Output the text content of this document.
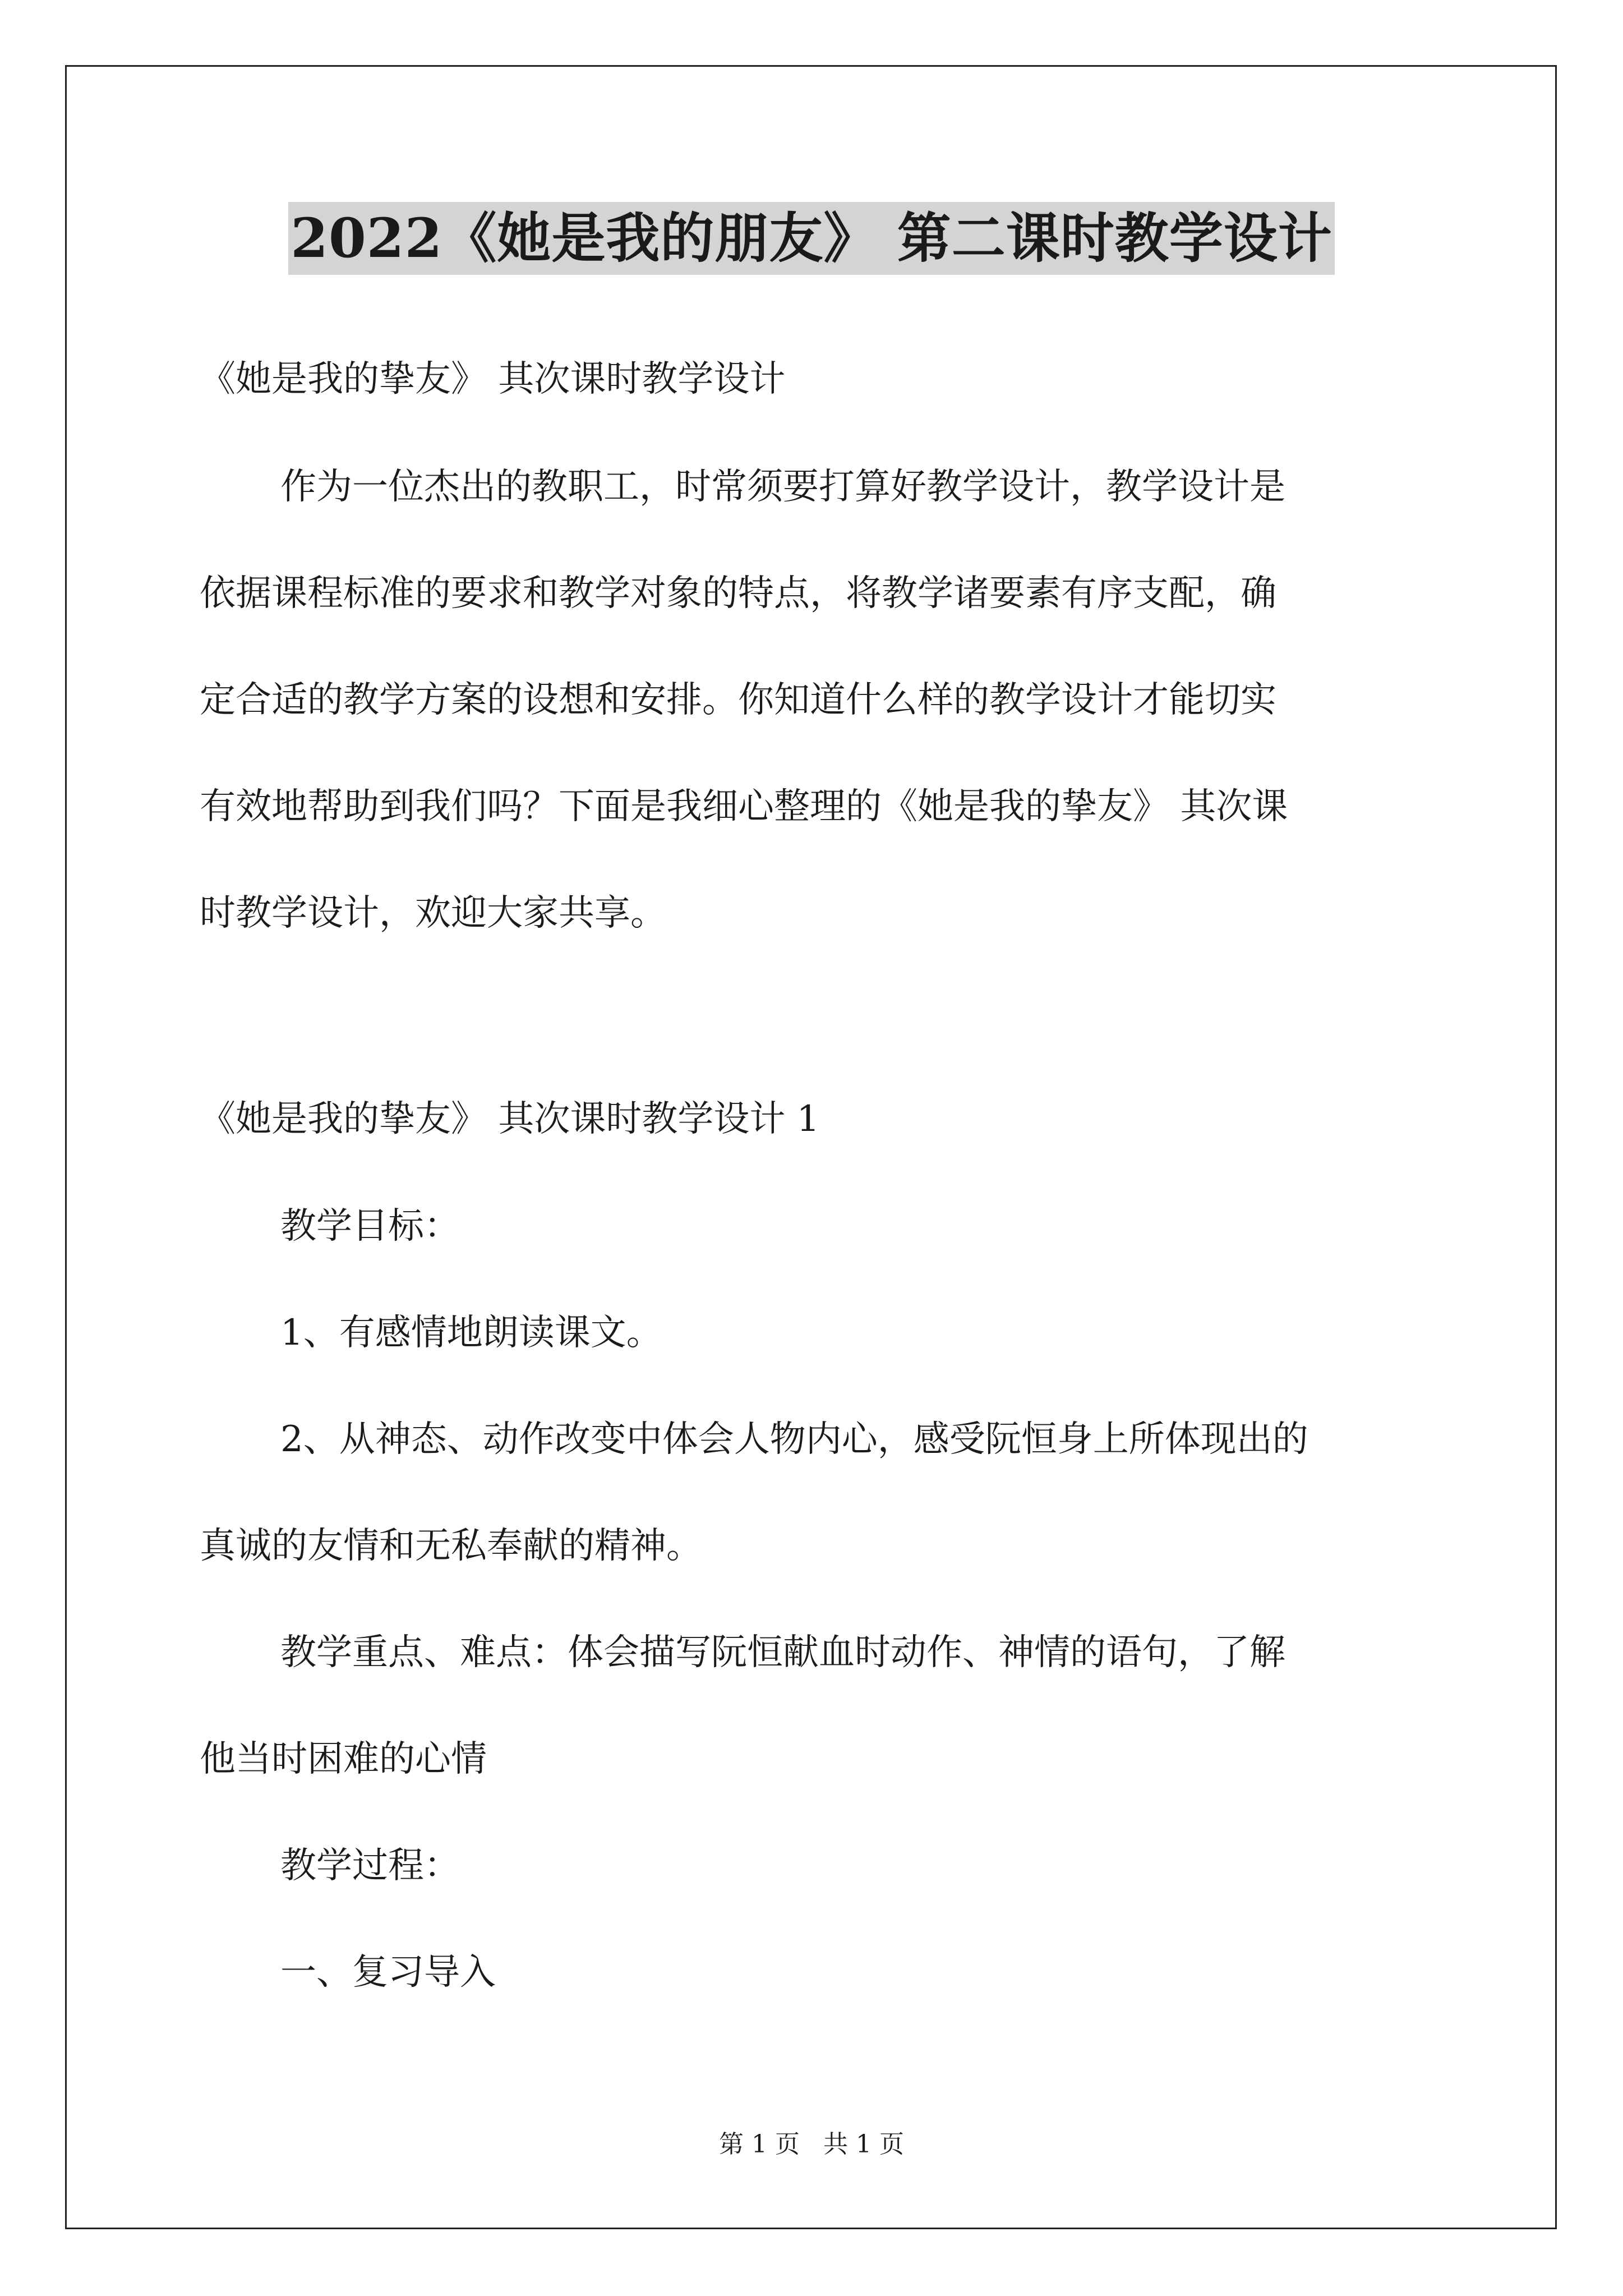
2022《她是我的朋友》 第二课时教学设计
《她是我的挚友》 其次课时教学设计
作为一位杰出的教职工，时常须要打算好教学设计，教学设计是
依据课程标准的要求和教学对象的特点，将教学诸要素有序支配，确
定合适的教学方案的设想和安排。你知道什么样的教学设计才能切实
有效地帮助到我们吗？下面是我细心整理的《她是我的挚友》 其次课
时教学设计，欢迎大家共享。
《她是我的挚友》 其次课时教学设计 1
教学目标：
1、有感情地朗读课文。
2、从神态、动作改变中体会人物内心，感受阮恒身上所体现出的
真诚的友情和无私奉献的精神。
教学重点、难点：体会描写阮恒献血时动作、神情的语句，了解
他当时困难的心情
教学过程：
一、复习导入
第 1 页 共 1 页
